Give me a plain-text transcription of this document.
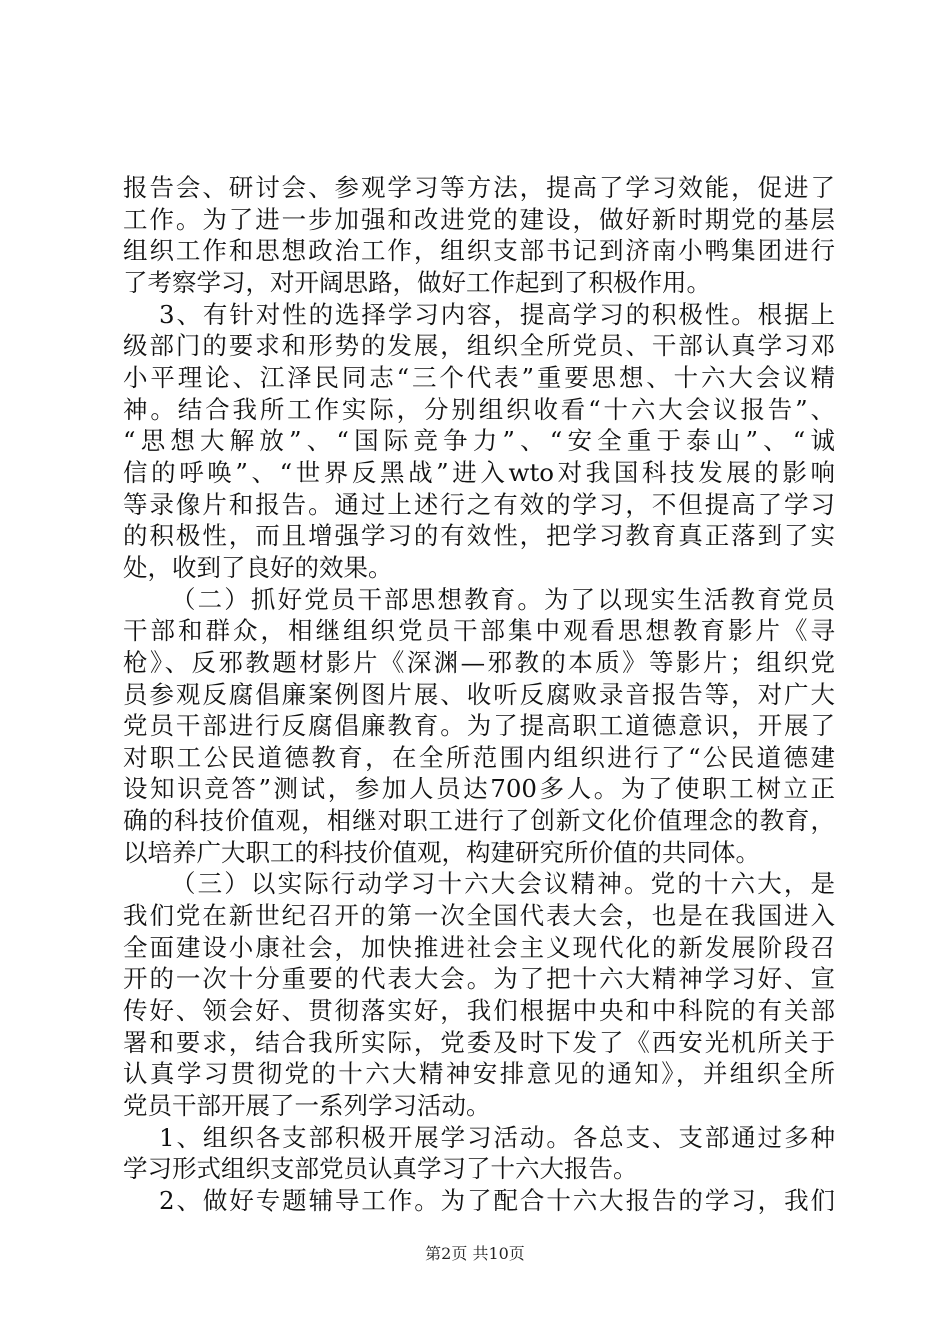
报告会、研讨会、参观学习等方法，提高了学习效能，促进了
工作。为了进一步加强和改进党的建设，做好新时期党的基层
组织工作和思想政治工作，组织支部书记到济南小鸭集团进行
了考察学习，对开阔思路，做好工作起到了积极作用。
3、有针对性的选择学习内容，提高学习的积极性。根据上
级部门的要求和形势的发展，组织全所党员、干部认真学习邓
小平理论、江泽民同志“三个代表”重要思想、十六大会议精
神。结合我所工作实际，分别组织收看“十六大会议报告”、
“思想大解放”、“国际竞争力”、“安全重于泰山”、“诚
信的呼唤”、“世界反黑战”进入wto对我国科技发展的影响
等录像片和报告。通过上述行之有效的学习，不但提高了学习
的积极性，而且增强学习的有效性，把学习教育真正落到了实
处，收到了良好的效果。
（二）抓好党员干部思想教育。为了以现实生活教育党员
干部和群众，相继组织党员干部集中观看思想教育影片《寻
枪》、反邪教题材影片《深渊—邪教的本质》等影片；组织党
员参观反腐倡廉案例图片展、收听反腐败录音报告等，对广大
党员干部进行反腐倡廉教育。为了提高职工道德意识，开展了
对职工公民道德教育，在全所范围内组织进行了“公民道德建
设知识竞答”测试，参加人员达700多人。为了使职工树立正
确的科技价值观，相继对职工进行了创新文化价值理念的教育，
以培养广大职工的科技价值观，构建研究所价值的共同体。
（三）以实际行动学习十六大会议精神。党的十六大，是
我们党在新世纪召开的第一次全国代表大会，也是在我国进入
全面建设小康社会，加快推进社会主义现代化的新发展阶段召
开的一次十分重要的代表大会。为了把十六大精神学习好、宣
传好、领会好、贯彻落实好，我们根据中央和中科院的有关部
署和要求，结合我所实际，党委及时下发了《西安光机所关于
认真学习贯彻党的十六大精神安排意见的通知》，并组织全所
党员干部开展了一系列学习活动。
1、组织各支部积极开展学习活动。各总支、支部通过多种
学习形式组织支部党员认真学习了十六大报告。
2、做好专题辅导工作。为了配合十六大报告的学习，我们
第2页 共10页
